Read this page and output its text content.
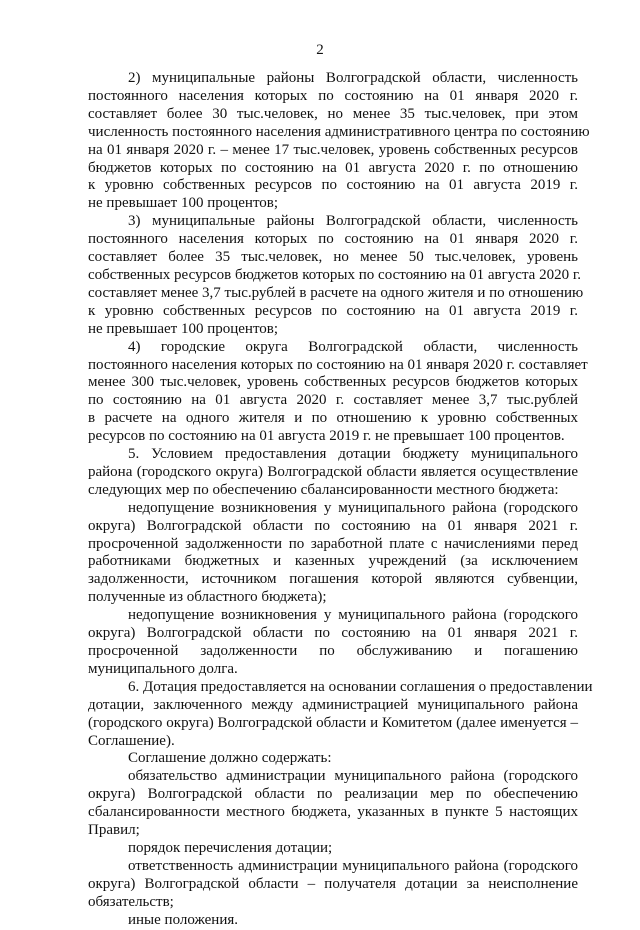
2
2) муниципальные районы Волгоградской области, численность
постоянного населения которых по состоянию на 01 января 2020 г.
составляет более 30 тыс.человек, но менее 35 тыс.человек, при этом
численность постоянного населения административного центра по состоянию
на 01 января 2020 г. – менее 17 тыс.человек, уровень собственных ресурсов
бюджетов которых по состоянию на 01 августа 2020 г. по отношению
к уровню собственных ресурсов по состоянию на 01 августа 2019 г.
не превышает 100 процентов;
3) муниципальные районы Волгоградской области, численность
постоянного населения которых по состоянию на 01 января 2020 г.
составляет более 35 тыс.человек, но менее 50 тыс.человек, уровень
собственных ресурсов бюджетов которых по состоянию на 01 августа 2020 г.
составляет менее 3,7 тыс.рублей в расчете на одного жителя и по отношению
к уровню собственных ресурсов по состоянию на 01 августа 2019 г.
не превышает 100 процентов;
4) городские округа Волгоградской области, численность
постоянного населения которых по состоянию на 01 января 2020 г. составляет
менее 300 тыс.человек, уровень собственных ресурсов бюджетов которых
по состоянию на 01 августа 2020 г. составляет менее 3,7 тыс.рублей
в расчете на одного жителя и по отношению к уровню собственных
ресурсов по состоянию на 01 августа 2019 г. не превышает 100 процентов.
5. Условием предоставления дотации бюджету муниципального
района (городского округа) Волгоградской области является осуществление
следующих мер по обеспечению сбалансированности местного бюджета:
недопущение возникновения у муниципального района (городского
округа) Волгоградской области по состоянию на 01 января 2021 г.
просроченной задолженности по заработной плате с начислениями перед
работниками бюджетных и казенных учреждений (за исключением
задолженности, источником погашения которой являются субвенции,
полученные из областного бюджета);
недопущение возникновения у муниципального района (городского
округа) Волгоградской области по состоянию на 01 января 2021 г.
просроченной задолженности по обслуживанию и погашению
муниципального долга.
6. Дотация предоставляется на основании соглашения о предоставлении
дотации, заключенного между администрацией муниципального района
(городского округа) Волгоградской области и Комитетом (далее именуется –
Соглашение).
Соглашение должно содержать:
обязательство администрации муниципального района (городского
округа) Волгоградской области по реализации мер по обеспечению
сбалансированности местного бюджета, указанных в пункте 5 настоящих
Правил;
порядок перечисления дотации;
ответственность администрации муниципального района (городского
округа) Волгоградской области – получателя дотации за неисполнение
обязательств;
иные положения.
